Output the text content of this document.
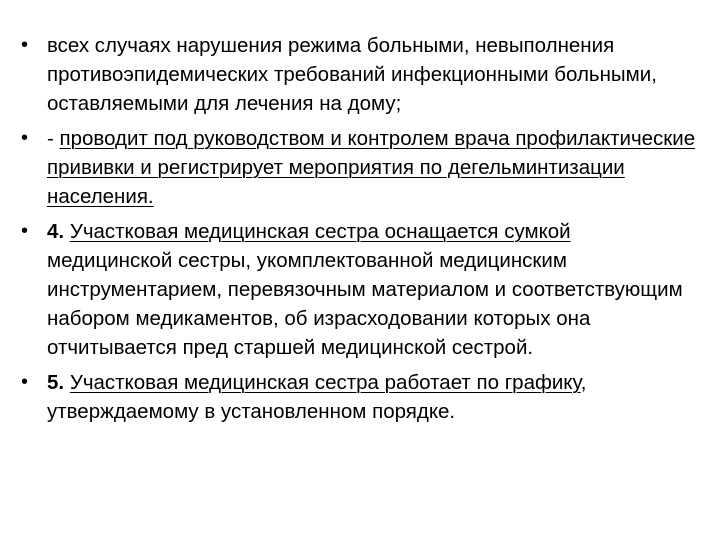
• всех случаях нарушения режима больными, невыполнения противоэпидемических требований инфекционными больными, оставляемыми для лечения на дому;
• - проводит под руководством и контролем врача профилактические прививки и регистрирует мероприятия по дегельминтизации населения.
• 4. Участковая медицинская сестра оснащается сумкой медицинской сестры, укомплектованной медицинским инструментарием, перевязочным материалом и соответствующим набором медикаментов, об израсходовании которых она отчитывается пред старшей медицинской сестрой.
• 5. Участковая медицинская сестра работает по графику, утверждаемому в установленном порядке.
